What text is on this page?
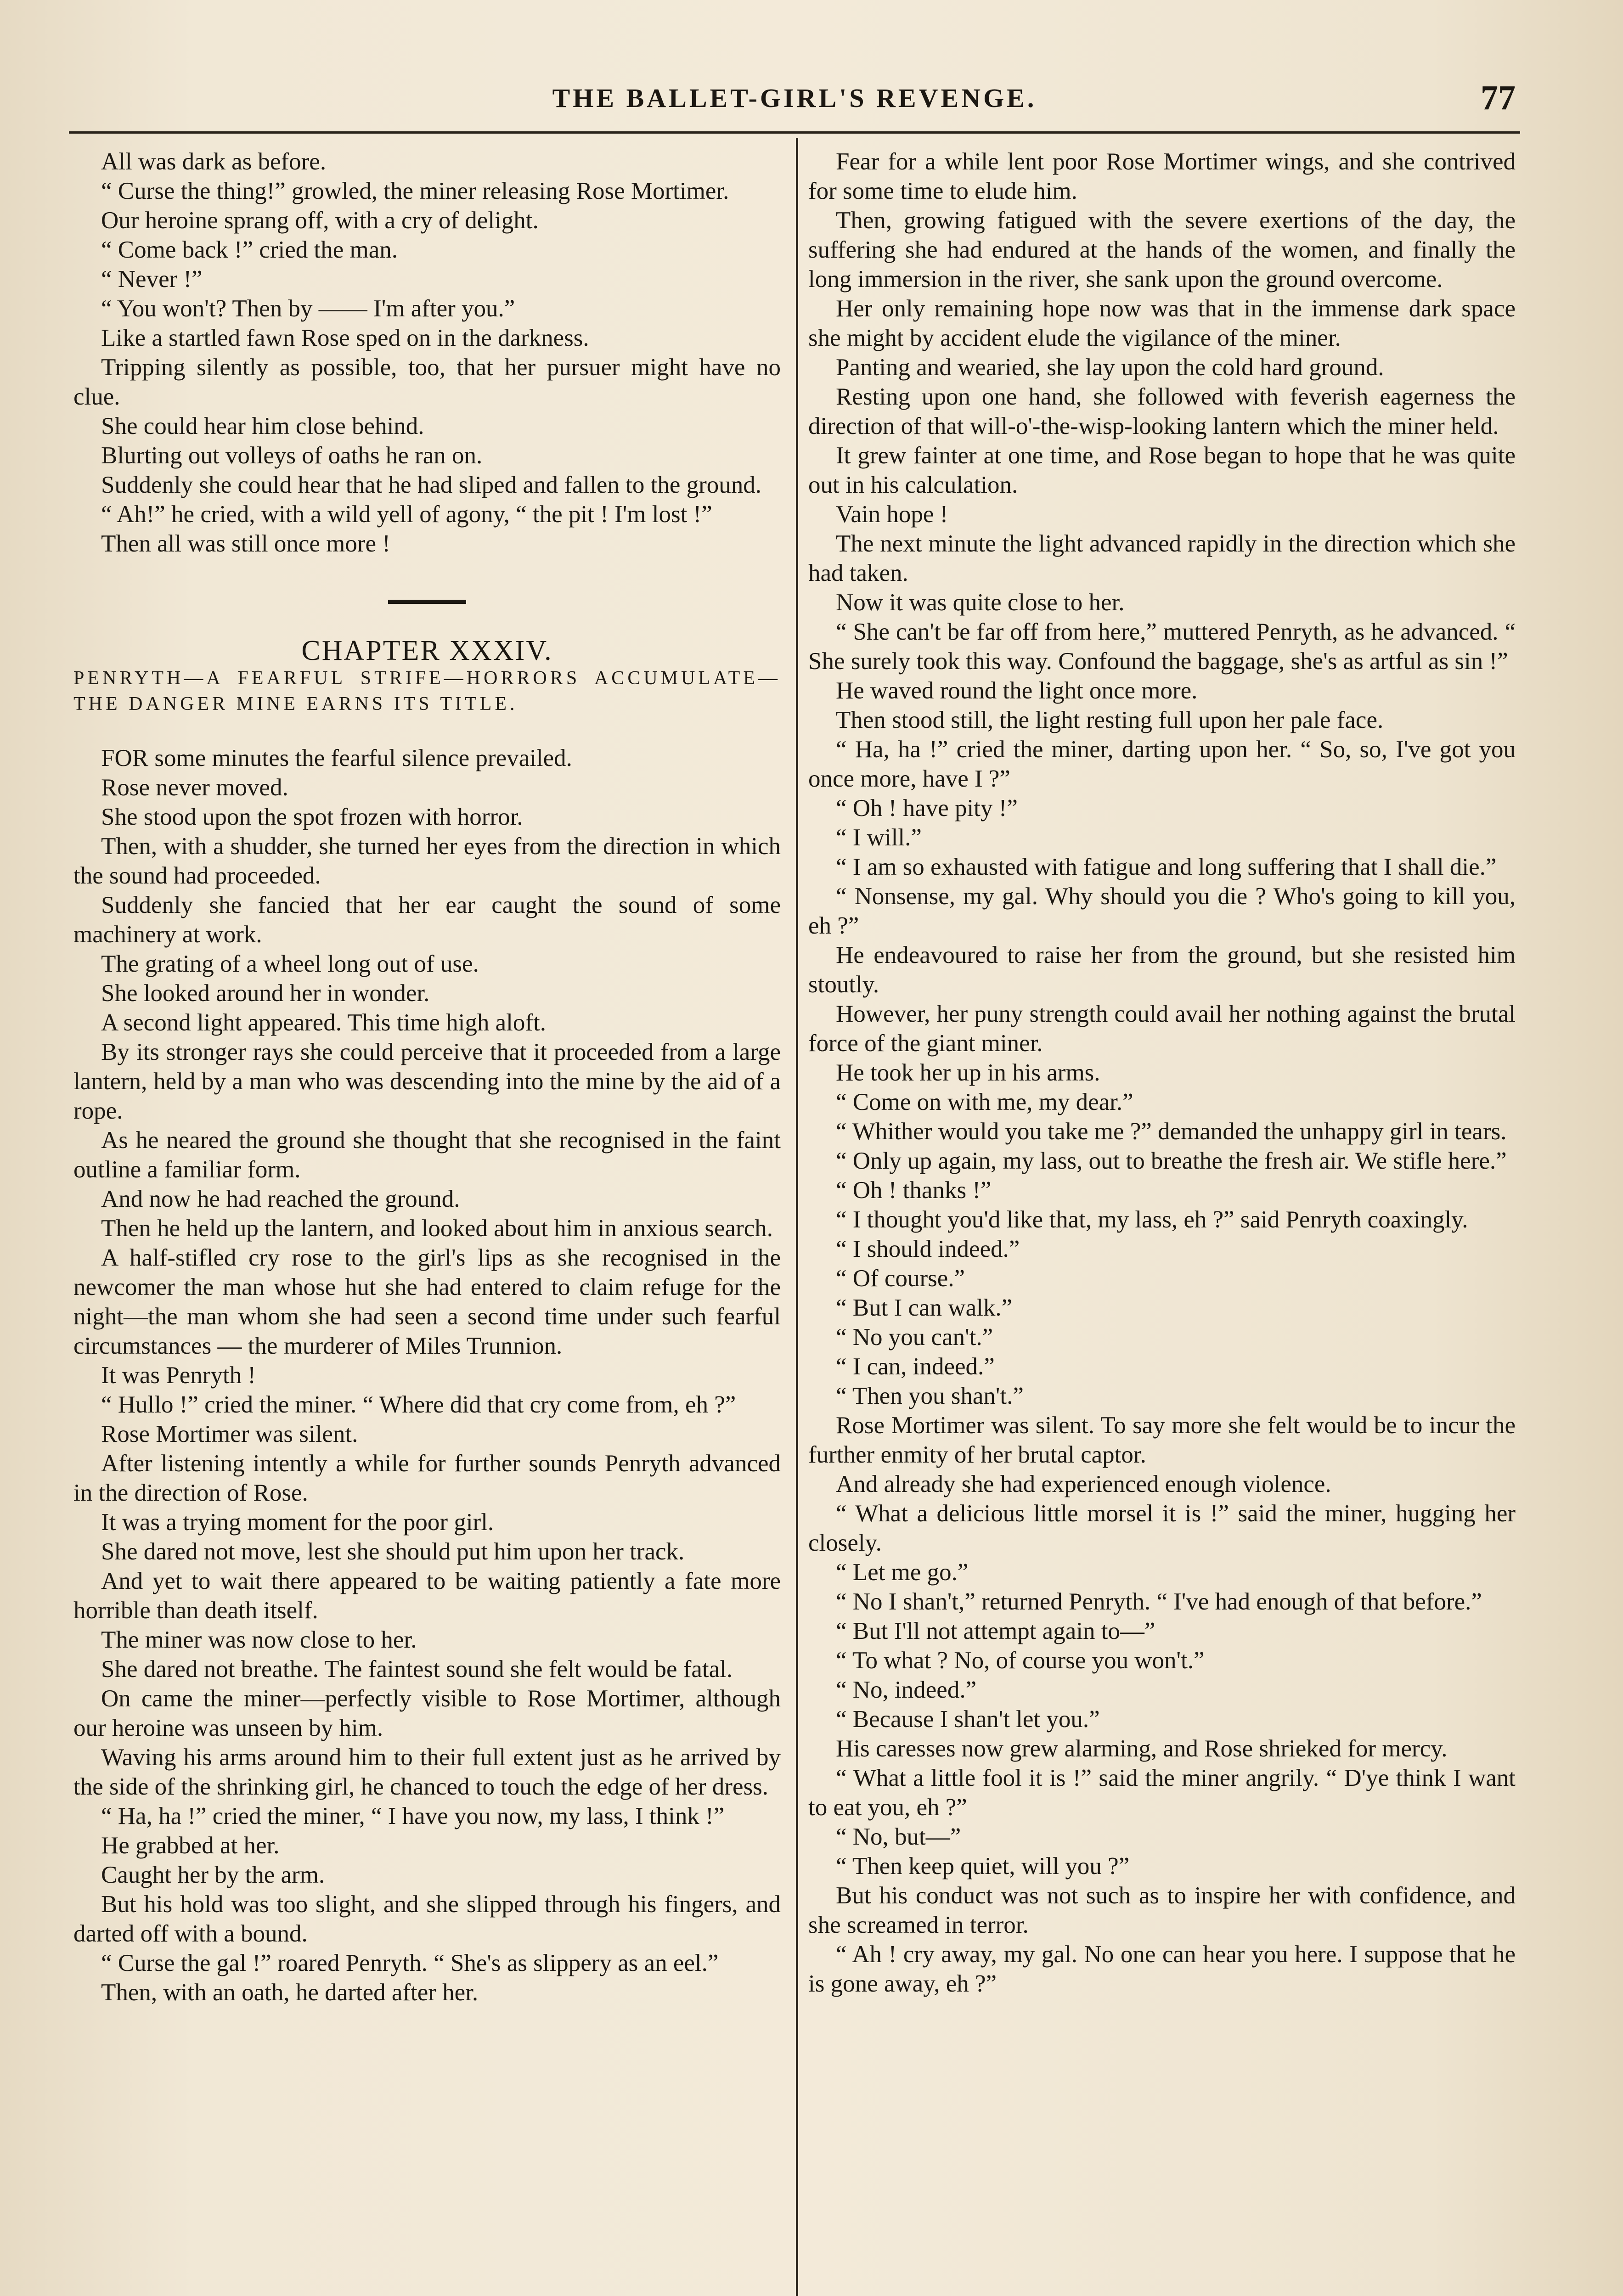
THE BALLET-GIRL'S REVENGE.	77

All was dark as before.

“ Curse the thing!” growled, the miner releasing Rose Mortimer.

Our heroine sprang off, with a cry of delight.

“ Come back !” cried the man.

“ Never !”

“ You won't? Then by —— I'm after you.”

Like a startled fawn Rose sped on in the darkness.

Tripping silently as possible, too, that her pursuer might have no clue.

She could hear him close behind.

Blurting out volleys of oaths he ran on.

Suddenly she could hear that he had sliped and fallen to the ground.

“ Ah!” he cried, with a wild yell of agony, “ the pit ! I'm lost !”

Then all was still once more !

CHAPTER XXXIV.

PENRYTH—A FEARFUL STRIFE—HORRORS ACCUMULATE—THE DANGER MINE EARNS ITS TITLE.

FOR some minutes the fearful silence prevailed.

Rose never moved.

She stood upon the spot frozen with horror.

Then, with a shudder, she turned her eyes from the direction in which the sound had proceeded.

Suddenly she fancied that her ear caught the sound of some machinery at work.

The grating of a wheel long out of use.

She looked around her in wonder.

A second light appeared. This time high aloft.

By its stronger rays she could perceive that it proceeded from a large lantern, held by a man who was descending into the mine by the aid of a rope.

As he neared the ground she thought that she recognised in the faint outline a familiar form.

And now he had reached the ground.

Then he held up the lantern, and looked about him in anxious search.

A half-stifled cry rose to the girl's lips as she recognised in the newcomer the man whose hut she had entered to claim refuge for the night—the man whom she had seen a second time under such fearful circumstances — the murderer of Miles Trunnion.

It was Penryth !

“ Hullo !” cried the miner. “ Where did that cry come from, eh ?”

Rose Mortimer was silent.

After listening intently a while for further sounds Penryth advanced in the direction of Rose.

It was a trying moment for the poor girl.

She dared not move, lest she should put him upon her track.

And yet to wait there appeared to be waiting patiently a fate more horrible than death itself.

The miner was now close to her.

She dared not breathe. The faintest sound she felt would be fatal.

On came the miner—perfectly visible to Rose Mortimer, although our heroine was unseen by him.

Waving his arms around him to their full extent just as he arrived by the side of the shrinking girl, he chanced to touch the edge of her dress.

“ Ha, ha !” cried the miner, “ I have you now, my lass, I think !”

He grabbed at her.

Caught her by the arm.

But his hold was too slight, and she slipped through his fingers, and darted off with a bound.

“ Curse the gal !” roared Penryth. “ She's as slippery as an eel.”

Then, with an oath, he darted after her.

Fear for a while lent poor Rose Mortimer wings, and she contrived for some time to elude him.

Then, growing fatigued with the severe exertions of the day, the suffering she had endured at the hands of the women, and finally the long immersion in the river, she sank upon the ground overcome.

Her only remaining hope now was that in the immense dark space she might by accident elude the vigilance of the miner.

Panting and wearied, she lay upon the cold hard ground.

Resting upon one hand, she followed with feverish eagerness the direction of that will-o'-the-wisp-looking lantern which the miner held.

It grew fainter at one time, and Rose began to hope that he was quite out in his calculation.

Vain hope !

The next minute the light advanced rapidly in the direction which she had taken.

Now it was quite close to her.

“ She can't be far off from here,” muttered Penryth, as he advanced. “ She surely took this way. Confound the baggage, she's as artful as sin !”

He waved round the light once more.

Then stood still, the light resting full upon her pale face.

“ Ha, ha !” cried the miner, darting upon her. “ So, so, I've got you once more, have I ?”

“ Oh ! have pity !”

“ I will.”

“ I am so exhausted with fatigue and long suffering that I shall die.”

“ Nonsense, my gal. Why should you die ? Who's going to kill you, eh ?”

He endeavoured to raise her from the ground, but she resisted him stoutly.

However, her puny strength could avail her nothing against the brutal force of the giant miner.

He took her up in his arms.

“ Come on with me, my dear.”

“ Whither would you take me ?” demanded the unhappy girl in tears.

“ Only up again, my lass, out to breathe the fresh air. We stifle here.”

“ Oh ! thanks !”

“ I thought you'd like that, my lass, eh ?” said Penryth coaxingly.

“ I should indeed.”

“ Of course.”

“ But I can walk.”

“ No you can't.”

“ I can, indeed.”

“ Then you shan't.”

Rose Mortimer was silent. To say more she felt would be to incur the further enmity of her brutal captor.

And already she had experienced enough violence.

“ What a delicious little morsel it is !” said the miner, hugging her closely.

“ Let me go.”

“ No I shan't,” returned Penryth. “ I've had enough of that before.”

“ But I'll not attempt again to—”

“ To what ? No, of course you won't.”

“ No, indeed.”

“ Because I shan't let you.”

His caresses now grew alarming, and Rose shrieked for mercy.

“ What a little fool it is !” said the miner angrily. “ D'ye think I want to eat you, eh ?”

“ No, but—”

“ Then keep quiet, will you ?”

But his conduct was not such as to inspire her with confidence, and she screamed in terror.

“ Ah ! cry away, my gal. No one can hear you here. I suppose that he is gone away, eh ?”
